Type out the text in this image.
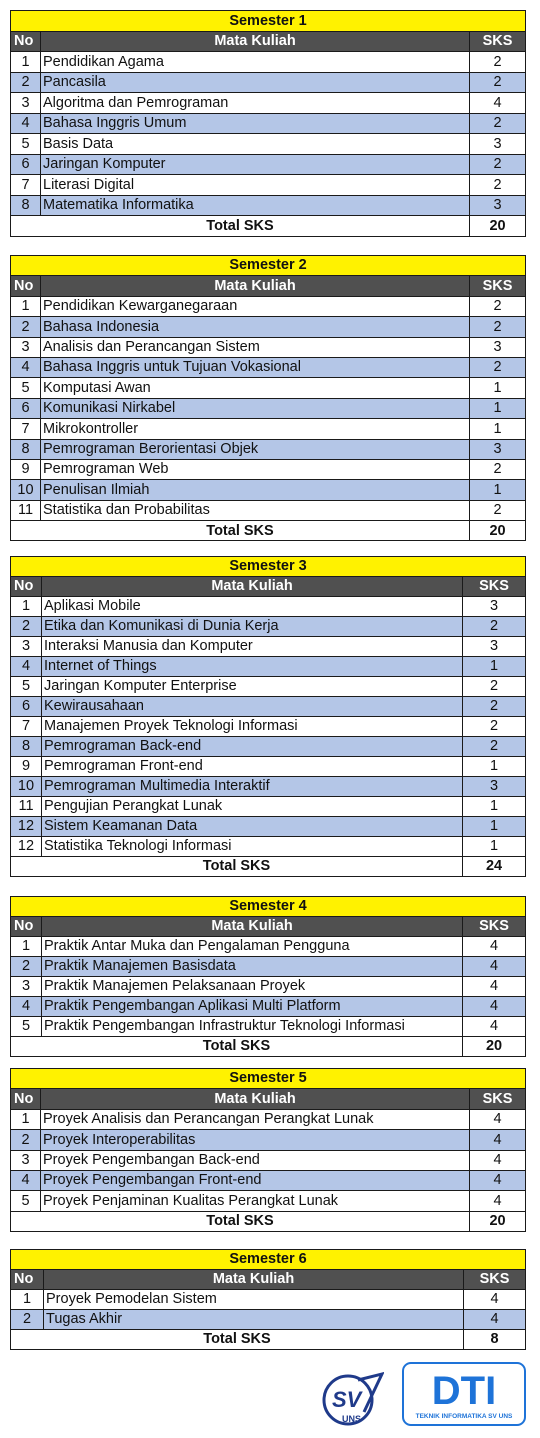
Semester 1		
No	Mata Kuliah	SKS
1	Pendidikan Agama	2
2	Pancasila	2
3	Algoritma dan Pemrograman	4
4	Bahasa Inggris Umum	2
5	Basis Data	3
6	Jaringan Komputer	2
7	Literasi Digital	2
8	Matematika Informatika	3
Total SKS		20
Semester 2		
No	Mata Kuliah	SKS
1	Pendidikan Kewarganegaraan	2
2	Bahasa Indonesia	2
3	Analisis dan Perancangan Sistem	3
4	Bahasa Inggris untuk Tujuan Vokasional	2
5	Komputasi Awan	1
6	Komunikasi Nirkabel	1
7	Mikrokontroller	1
8	Pemrograman Berorientasi Objek	3
9	Pemrograman Web	2
10	Penulisan Ilmiah	1
11	Statistika dan Probabilitas	2
Total SKS		20
Semester 3		
No	Mata Kuliah	SKS
1	Aplikasi Mobile	3
2	Etika dan Komunikasi di Dunia Kerja	2
3	Interaksi Manusia dan Komputer	3
4	Internet of Things	1
5	Jaringan Komputer Enterprise	2
6	Kewirausahaan	2
7	Manajemen Proyek Teknologi Informasi	2
8	Pemrograman Back-end	2
9	Pemrograman Front-end	1
10	Pemrograman Multimedia Interaktif	3
11	Pengujian Perangkat Lunak	1
12	Sistem Keamanan Data	1
12	Statistika Teknologi Informasi	1
Total SKS		24
Semester 4		
No	Mata Kuliah	SKS
1	Praktik Antar Muka dan Pengalaman Pengguna	4
2	Praktik Manajemen Basisdata	4
3	Praktik Manajemen Pelaksanaan Proyek	4
4	Praktik Pengembangan Aplikasi Multi Platform	4
5	Praktik Pengembangan Infrastruktur Teknologi Informasi	4
Total SKS		20
Semester 5		
No	Mata Kuliah	SKS
1	Proyek Analisis dan Perancangan Perangkat Lunak	4
2	Proyek Interoperabilitas	4
3	Proyek Pengembangan Back-end	4
4	Proyek Pengembangan Front-end	4
5	Proyek Penjaminan Kualitas Perangkat Lunak	4
Total SKS		20
Semester 6		
No	Mata Kuliah	SKS
1	Proyek Pemodelan Sistem	4
2	Tugas Akhir	4
Total SKS		8
SV
UNS
DTI
TEKNIK INFORMATIKA SV UNS
